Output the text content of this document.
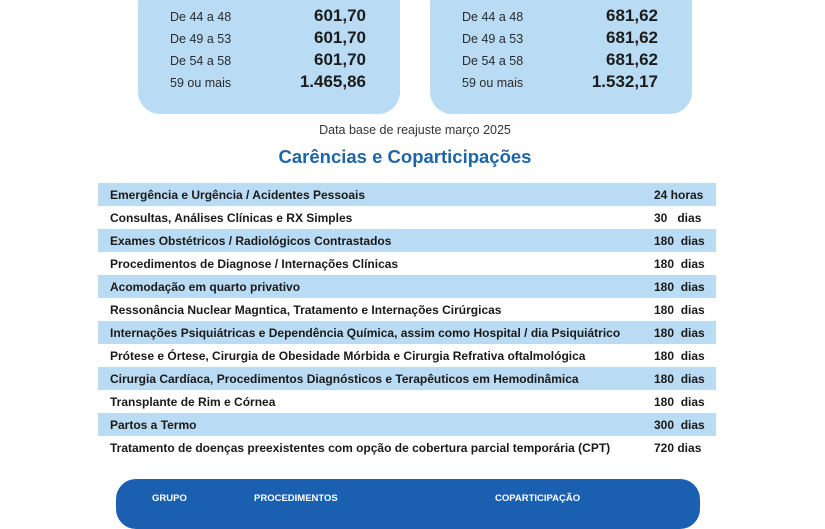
De 44 a 48	601,70
De 49 a 53	601,70
De 54 a 58	601,70
59 ou mais	1.465,86
De 44 a 48	681,62
De 49 a 53	681,62
De 54 a 58	681,62
59 ou mais	1.532,17
Data base de reajuste março 2025
Carências e Coparticipações
Emergência e Urgência / Acidentes Pessoais	24 horas
Consultas, Análises Clínicas e RX Simples	30   dias
Exames Obstétricos / Radiológicos Contrastados	180  dias
Procedimentos de Diagnose / Internações Clínicas	180  dias
Acomodação em quarto privativo	180  dias
Ressonância Nuclear Magntica, Tratamento e Internações Cirúrgicas	180  dias
Internações Psiquiátricas e Dependência Química, assim como Hospital / dia Psiquiátrico	180  dias
Prótese e Órtese, Cirurgia de Obesidade Mórbida e Cirurgia Refrativa oftalmológica	180  dias
Cirurgia Cardíaca, Procedimentos Diagnósticos e Terapêuticos em Hemodinâmica	180  dias
Transplante de Rim e Córnea	180  dias
Partos a Termo	300  dias
Tratamento de doenças preexistentes com opção de cobertura parcial temporária (CPT)	720 dias
GRUPO	PROCEDIMENTOS	COPARTICIPAÇÃO
